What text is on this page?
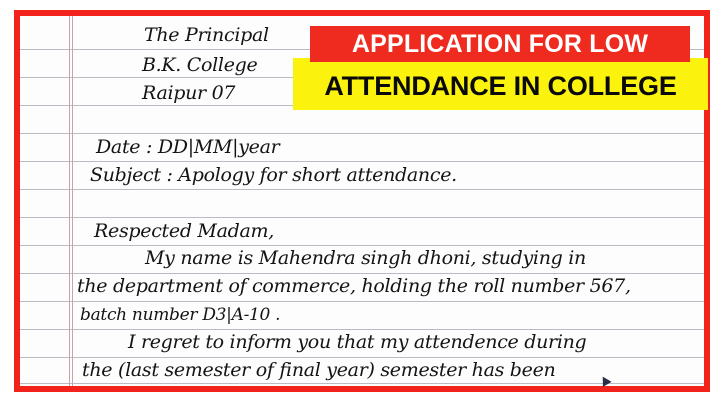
The Principal
B.K. College
Raipur 07
Date : DD|MM|year
Subject : Apology for short attendance.
Respected Madam,
My name is Mahendra singh dhoni, studying in
the department of commerce, holding the roll number 567,
batch number D3|A-10 .
I regret to inform you that my attendence during
the (last semester of final year) semester has been
ATTENDANCE IN COLLEGE
APPLICATION FOR LOW
